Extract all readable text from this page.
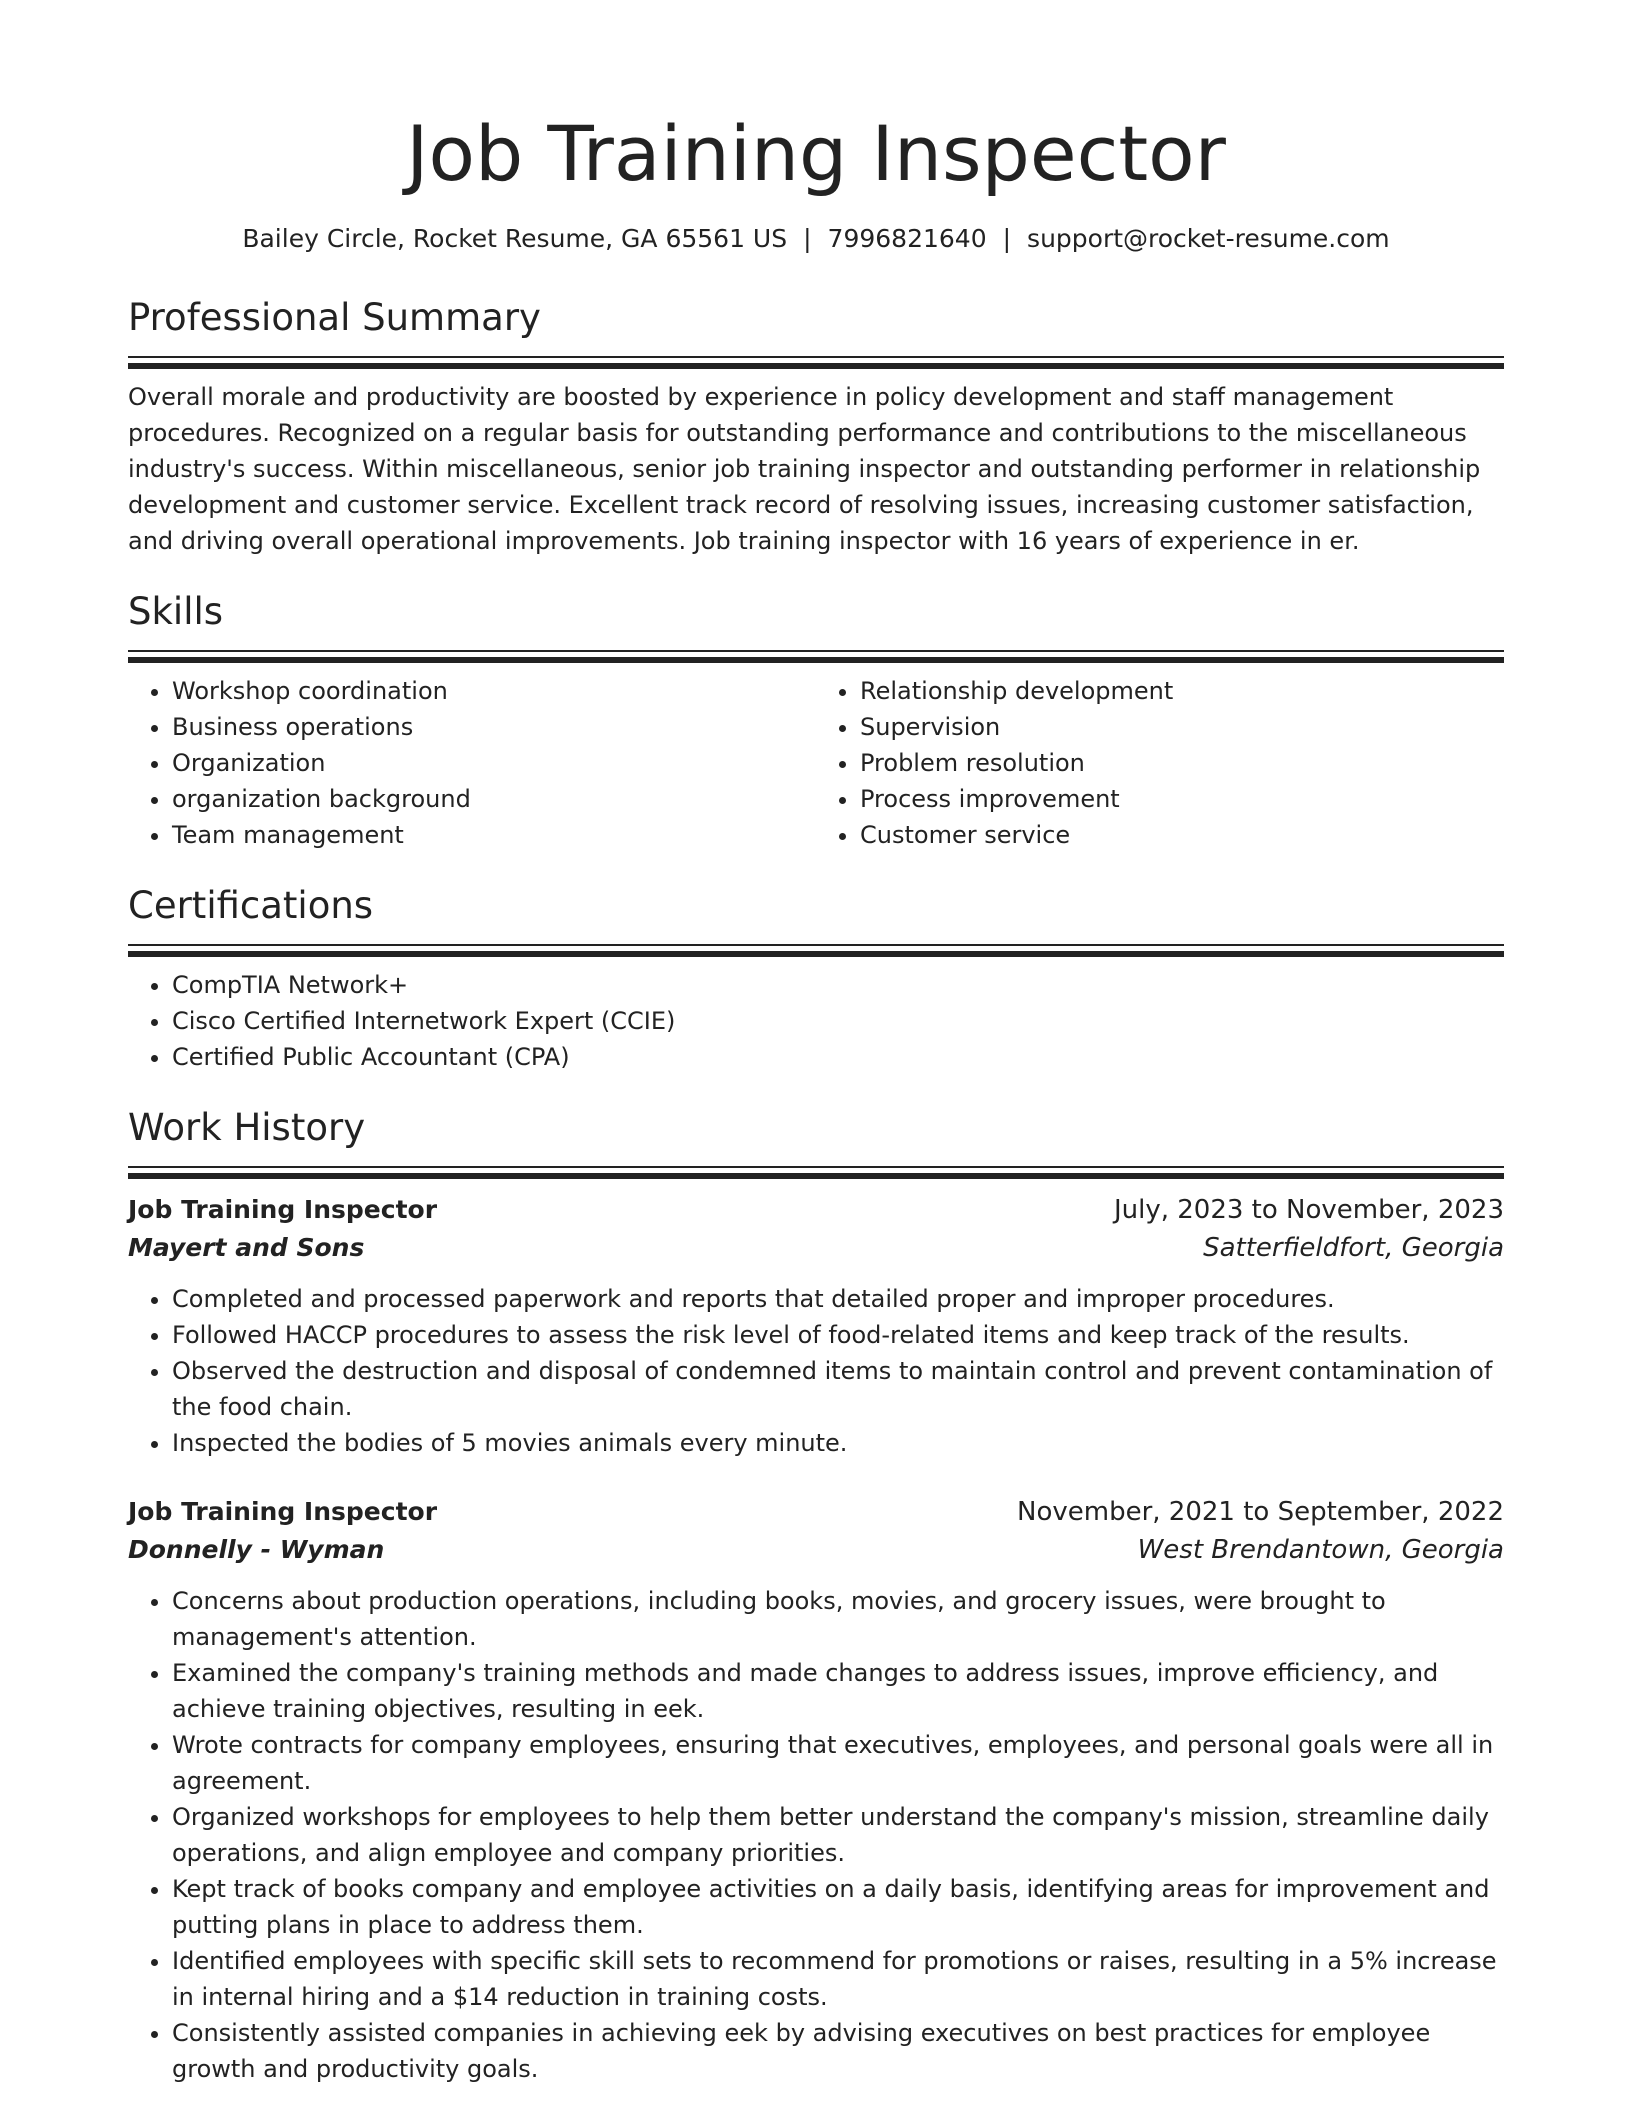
Job Training Inspector
Bailey Circle, Rocket Resume, GA 65561 US | 7996821640 | support@rocket-resume.com
Professional Summary

Overall morale and productivity are boosted by experience in policy development and staff management procedures. Recognized on a regular basis for outstanding performance and contributions to the miscellaneous industry's success. Within miscellaneous, senior job training inspector and outstanding performer in relationship development and customer service. Excellent track record of resolving issues, increasing customer satisfaction, and driving overall operational improvements. Job training inspector with 16 years of experience in er.

Skills
• Workshop coordination
• Business operations
• Organization
• organization background
• Team management
• Relationship development
• Supervision
• Problem resolution
• Process improvement
• Customer service
Certifications
• CompTIA Network+
• Cisco Certified Internetwork Expert (CCIE)
• Certified Public Accountant (CPA)
Work History
Job Training Inspector	July, 2023 to November, 2023
Mayert and Sons	Satterfieldfort, Georgia
• Completed and processed paperwork and reports that detailed proper and improper procedures.
• Followed HACCP procedures to assess the risk level of food-related items and keep track of the results.
• Observed the destruction and disposal of condemned items to maintain control and prevent contamination of the food chain.
• Inspected the bodies of 5 movies animals every minute.
Job Training Inspector	November, 2021 to September, 2022
Donnelly - Wyman	West Brendantown, Georgia
• Concerns about production operations, including books, movies, and grocery issues, were brought to management's attention.
• Examined the company's training methods and made changes to address issues, improve efficiency, and achieve training objectives, resulting in eek.
• Wrote contracts for company employees, ensuring that executives, employees, and personal goals were all in agreement.
• Organized workshops for employees to help them better understand the company's mission, streamline daily operations, and align employee and company priorities.
• Kept track of books company and employee activities on a daily basis, identifying areas for improvement and putting plans in place to address them.
• Identified employees with specific skill sets to recommend for promotions or raises, resulting in a 5% increase in internal hiring and a $14 reduction in training costs.
• Consistently assisted companies in achieving eek by advising executives on best practices for employee growth and productivity goals.
